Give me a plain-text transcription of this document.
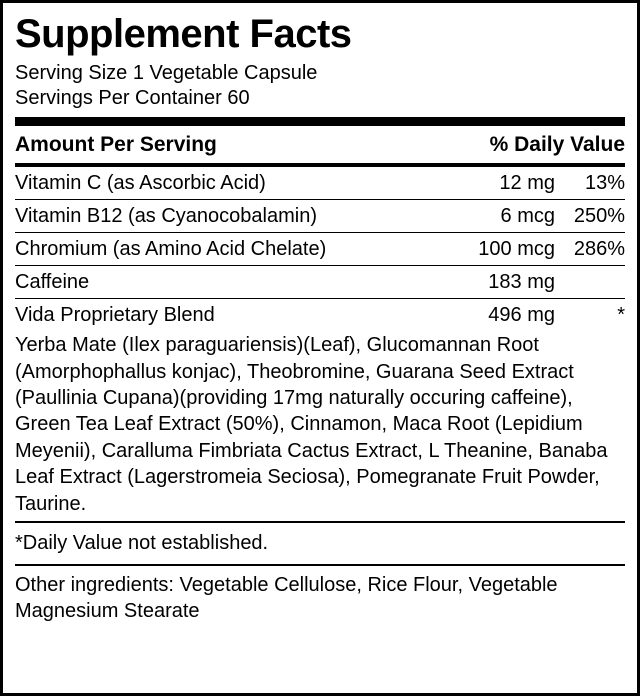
Supplement Facts
Serving Size 1 Vegetable Capsule
Servings Per Container 60
Amount Per Serving	% Daily Value
Vitamin C (as Ascorbic Acid)	12 mg	13%
Vitamin B12 (as Cyanocobalamin)	6 mcg 250%
Chromium (as Amino Acid Chelate)	100 mcg 286%
Caffeine	183 mg
Vida Proprietary Blend	496 mg	*
Yerba Mate (Ilex paraguariensis)(Leaf), Glucomannan Root (Amorphophallus konjac), Theobromine, Guarana Seed Extract (Paullinia Cupana)(providing 17mg naturally occuring caffeine), Green Tea Leaf Extract (50%), Cinnamon, Maca Root (Lepidium Meyenii), Caralluma Fimbriata Cactus Extract, L Theanine, Banaba Leaf Extract (Lagerstromeia Seciosa), Pomegranate Fruit Powder, Taurine.
*Daily Value not established.
Other ingredients: Vegetable Cellulose, Rice Flour, Vegetable Magnesium Stearate
